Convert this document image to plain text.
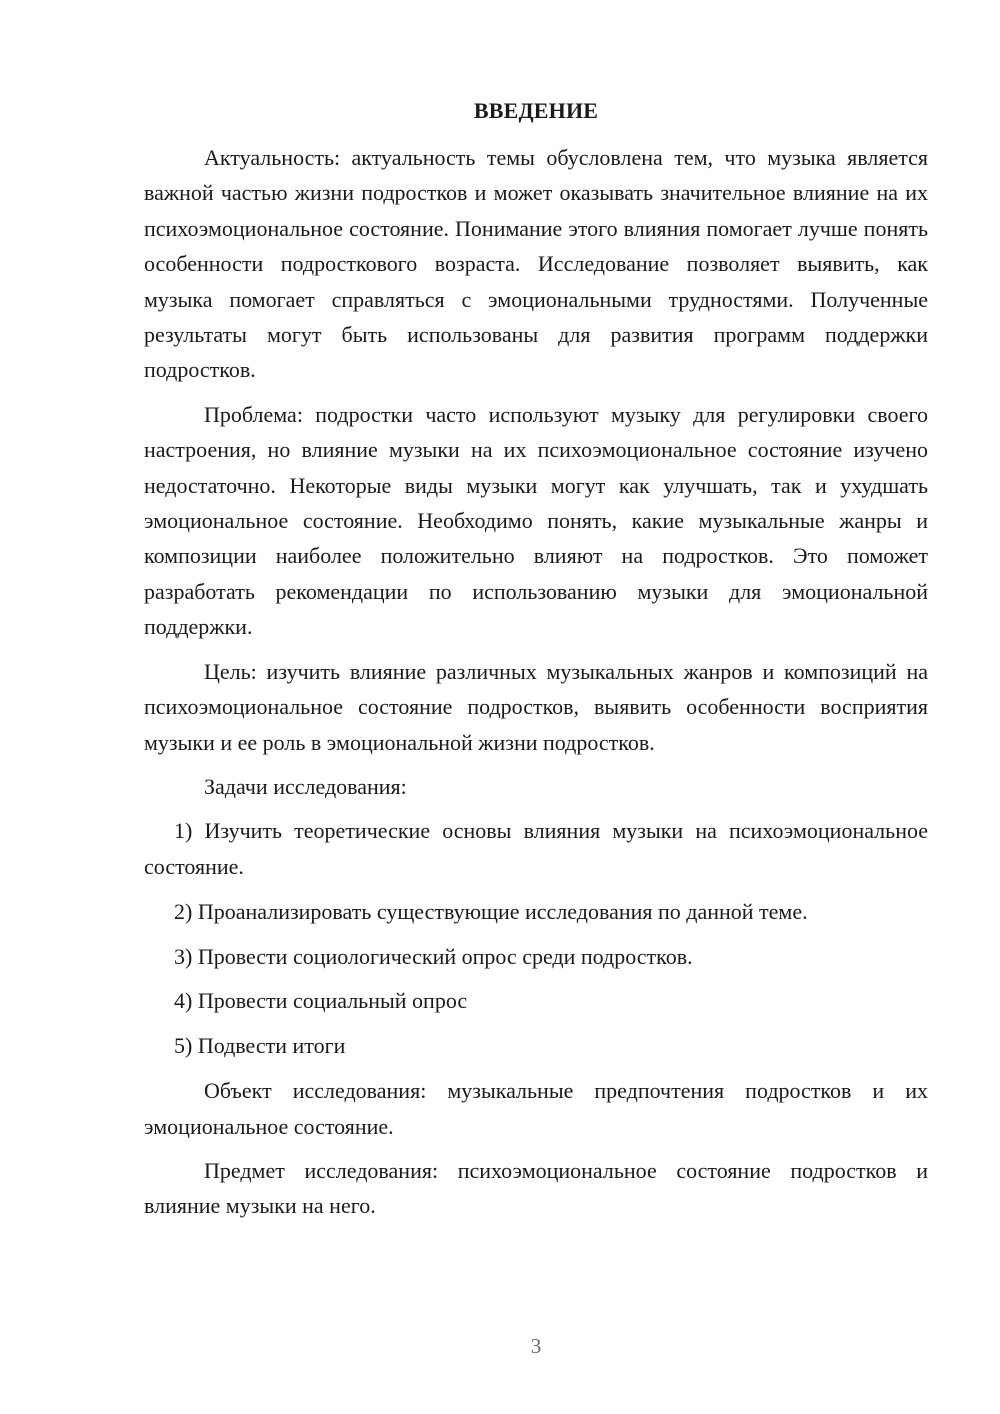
ВВЕДЕНИЕ

Актуальность: актуальность темы обусловлена тем, что музыка является важной частью жизни подростков и может оказывать значительное влияние на их психоэмоциональное состояние. Понимание этого влияния помогает лучше понять особенности подросткового возраста. Исследование позволяет выявить, как музыка помогает справляться с эмоциональными трудностями. Полученные результаты могут быть использованы для развития программ поддержки подростков.

Проблема: подростки часто используют музыку для регулировки своего настроения, но влияние музыки на их психоэмоциональное состояние изучено недостаточно. Некоторые виды музыки могут как улучшать, так и ухудшать эмоциональное состояние. Необходимо понять, какие музыкальные жанры и композиции наиболее положительно влияют на подростков. Это поможет разработать рекомендации по использованию музыки для эмоциональной поддержки.

Цель: изучить влияние различных музыкальных жанров и композиций на психоэмоциональное состояние подростков, выявить особенности восприятия музыки и ее роль в эмоциональной жизни подростков.

Задачи исследования:

1) Изучить теоретические основы влияния музыки на психоэмоциональное состояние.

2) Проанализировать существующие исследования по данной теме.

3) Провести социологический опрос среди подростков.

4) Провести социальный опрос

5) Подвести итоги

Объект исследования: музыкальные предпочтения подростков и их эмоциональное состояние.

Предмет исследования: психоэмоциональное состояние подростков и влияние музыки на него.

3
